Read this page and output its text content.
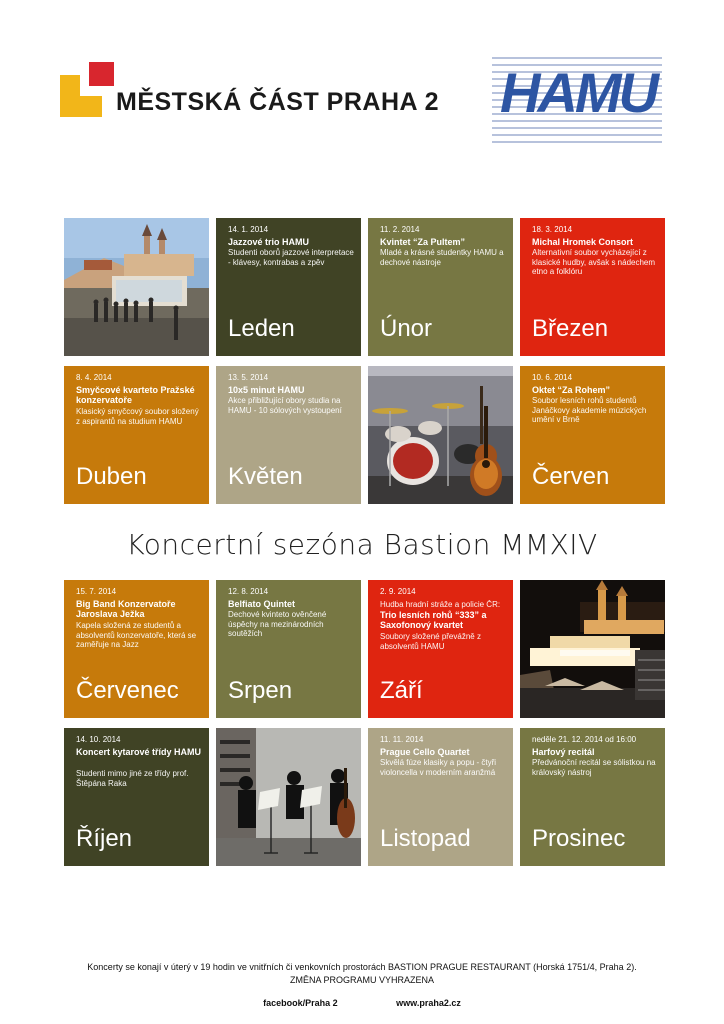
MĚSTSKÁ ČÁST PRAHA 2 HAMU
14. 1. 2014
Jazzové trio HAMU
Studenti oborů jazzové interpretace - klávesy, kontrabas a zpěv
Leden
11. 2. 2014
Kvintet “Za Pultem”
Mladé a krásné studentky HAMU a dechové nástroje
Únor
18. 3. 2014
Michal Hromek Consort
Alternativní soubor vycházející z klasické hudby, avšak s nádechem etno a folklóru
Březen
8. 4. 2014
Smyčcové kvarteto Pražské konzervatoře
Klasický smyčcový soubor složený z aspirantů na studium HAMU
Duben
13. 5. 2014
10x5 minut HAMU
Akce přibližující obory studia na HAMU - 10 sólových vystoupení
Květen
10. 6. 2014
Oktet “Za Rohem”
Soubor lesních rohů studentů Janáčkovy akademie múzických umění v Brně
Červen
Koncertní sezóna Bastion MMXIV
15. 7. 2014
Big Band Konzervatoře Jaroslava Ježka
Kapela složená ze studentů a absolventů konzervatoře, která se zaměřuje na Jazz
Červenec
12. 8. 2014
Belfiato Quintet
Dechové kvinteto ověnčené úspěchy na mezinárodních soutěžích
Srpen
2. 9. 2014
Hudba hradní stráže a policie ČR:
Trio lesních rohů “333” a Saxofonový kvartet
Soubory složené převážně z absolventů HAMU
Září
14. 10. 2014
Koncert kytarové třídy HAMU
Studenti mimo jiné ze třídy prof. Štěpána Raka
Říjen
11. 11. 2014
Prague Cello Quartet
Skvělá fúze klasiky a popu - čtyři violoncella v moderním aranžmá
Listopad
neděle 21. 12. 2014 od 16:00
Harfový recitál
Předvánoční recitál se sólistkou na královský nástroj
Prosinec
Koncerty se konají v úterý v 19 hodin ve vnitřních či venkovních prostorách BASTION PRAGUE RESTAURANT (Horská 1751/4, Praha 2).
ZMĚNA PROGRAMU VYHRAZENA
facebook/Praha 2	www.praha2.cz
